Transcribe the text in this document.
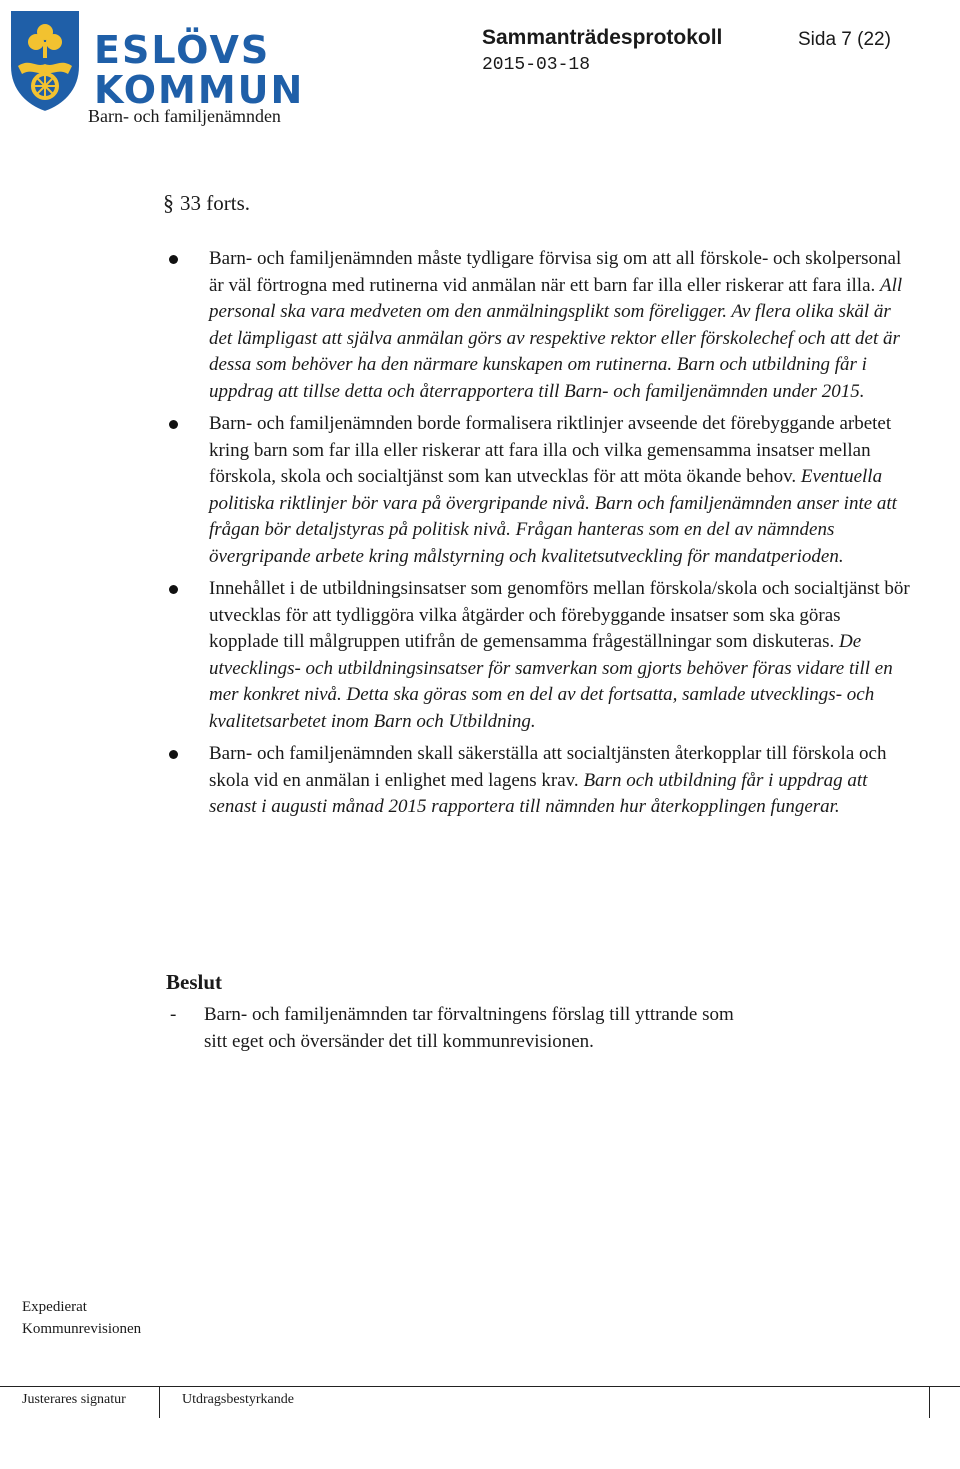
ESLÖVS
KOMMUN
Barn- och familjenämnden
Sammanträdesprotokoll
2015-03-18
Sida 7 (22)
§ 33 forts.
Barn- och familjenämnden måste tydligare förvisa sig om att all förskole- och skolpersonal är väl förtrogna med rutinerna vid anmälan när ett barn far illa eller riskerar att fara illa. All personal ska vara medveten om den anmälningsplikt som föreligger. Av flera olika skäl är det lämpligast att själva anmälan görs av respektive rektor eller förskolechef och att det är dessa som behöver ha den närmare kunskapen om rutinerna. Barn och utbildning får i uppdrag att tillse detta och återrapportera till Barn- och familjenämnden under 2015.
Barn- och familjenämnden borde formalisera riktlinjer avseende det förebyggande arbetet kring barn som far illa eller riskerar att fara illa och vilka gemensamma insatser mellan förskola, skola och socialtjänst som kan utvecklas för att möta ökande behov. Eventuella politiska riktlinjer bör vara på övergripande nivå. Barn och familjenämnden anser inte att frågan bör detaljstyras på politisk nivå. Frågan hanteras som en del av nämndens övergripande arbete kring målstyrning och kvalitetsutveckling för mandatperioden.
Innehållet i de utbildningsinsatser som genomförs mellan förskola/skola och socialtjänst bör utvecklas för att tydliggöra vilka åtgärder och förebyggande insatser som ska göras kopplade till målgruppen utifrån de gemensamma frågeställningar som diskuteras. De utvecklings- och utbildningsinsatser för samverkan som gjorts behöver föras vidare till en mer konkret nivå. Detta ska göras som en del av det fortsatta, samlade utvecklings- och kvalitetsarbetet inom Barn och Utbildning.
Barn- och familjenämnden skall säkerställa att socialtjänsten återkopplar till förskola och skola vid en anmälan i enlighet med lagens krav. Barn och utbildning får i uppdrag att senast i augusti månad 2015 rapportera till nämnden hur återkopplingen fungerar.
Beslut
-	Barn- och familjenämnden tar förvaltningens förslag till yttrande som sitt eget och översänder det till kommunrevisionen.
Expedierat
Kommunrevisionen
Justerares signatur	Utdragsbestyrkande
